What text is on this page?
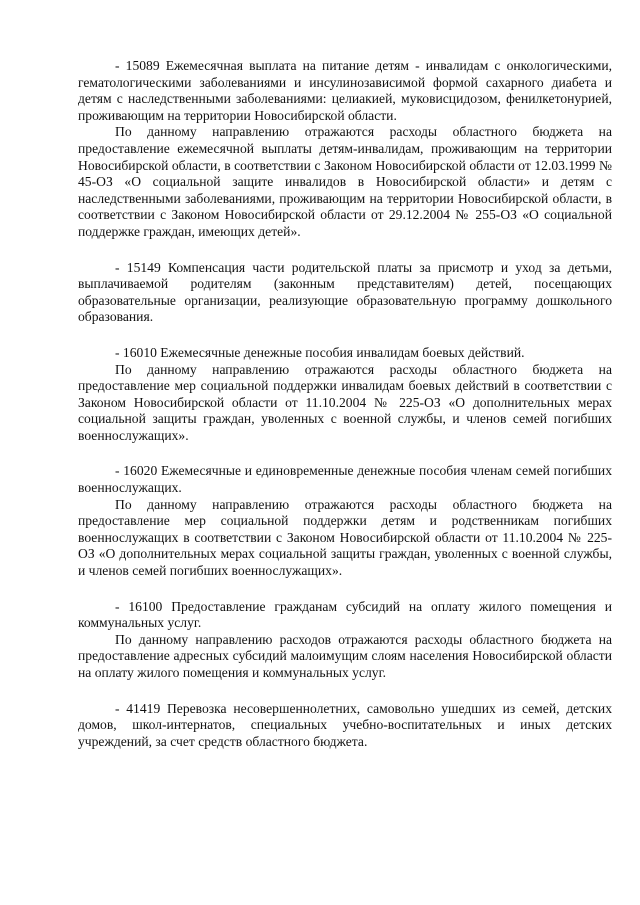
- 15089 Ежемесячная выплата на питание детям - инвалидам с онкологическими, гематологическими заболеваниями и инсулинозависимой формой сахарного диабета и детям с наследственными заболеваниями: целиакией, муковисцидозом, фенилкетонурией, проживающим на территории Новосибирской области.

По данному направлению отражаются расходы областного бюджета на предоставление ежемесячной выплаты детям-инвалидам, проживающим на территории Новосибирской области, в соответствии с Законом Новосибирской области от 12.03.1999 № 45-ОЗ «О социальной защите инвалидов в Новосибирской области» и детям с наследственными заболеваниями, проживающим на территории Новосибирской области, в соответствии с Законом Новосибирской области от 29.12.2004 № 255-ОЗ «О социальной поддержке граждан, имеющих детей».

- 15149 Компенсация части родительской платы за присмотр и уход за детьми, выплачиваемой родителям (законным представителям) детей, посещающих образовательные организации, реализующие образовательную программу дошкольного образования.

- 16010 Ежемесячные денежные пособия инвалидам боевых действий.

По данному направлению отражаются расходы областного бюджета на предоставление мер социальной поддержки инвалидам боевых действий в соответствии с Законом Новосибирской области от 11.10.2004 № 225-ОЗ «О дополнительных мерах социальной защиты граждан, уволенных с военной службы, и членов семей погибших военнослужащих».

- 16020 Ежемесячные и единовременные денежные пособия членам семей погибших военнослужащих.

По данному направлению отражаются расходы областного бюджета на предоставление мер социальной поддержки детям и родственникам погибших военнослужащих в соответствии с Законом Новосибирской области от 11.10.2004 № 225-ОЗ «О дополнительных мерах социальной защиты граждан, уволенных с военной службы, и членов семей погибших военнослужащих».

- 16100 Предоставление гражданам субсидий на оплату жилого помещения и коммунальных услуг.

По данному направлению расходов отражаются расходы областного бюджета на предоставление адресных субсидий малоимущим слоям населения Новосибирской области на оплату жилого помещения и коммунальных услуг.

- 41419 Перевозка несовершеннолетних, самовольно ушедших из семей, детских домов, школ-интернатов, специальных учебно-воспитательных и иных детских учреждений, за счет средств областного бюджета.
